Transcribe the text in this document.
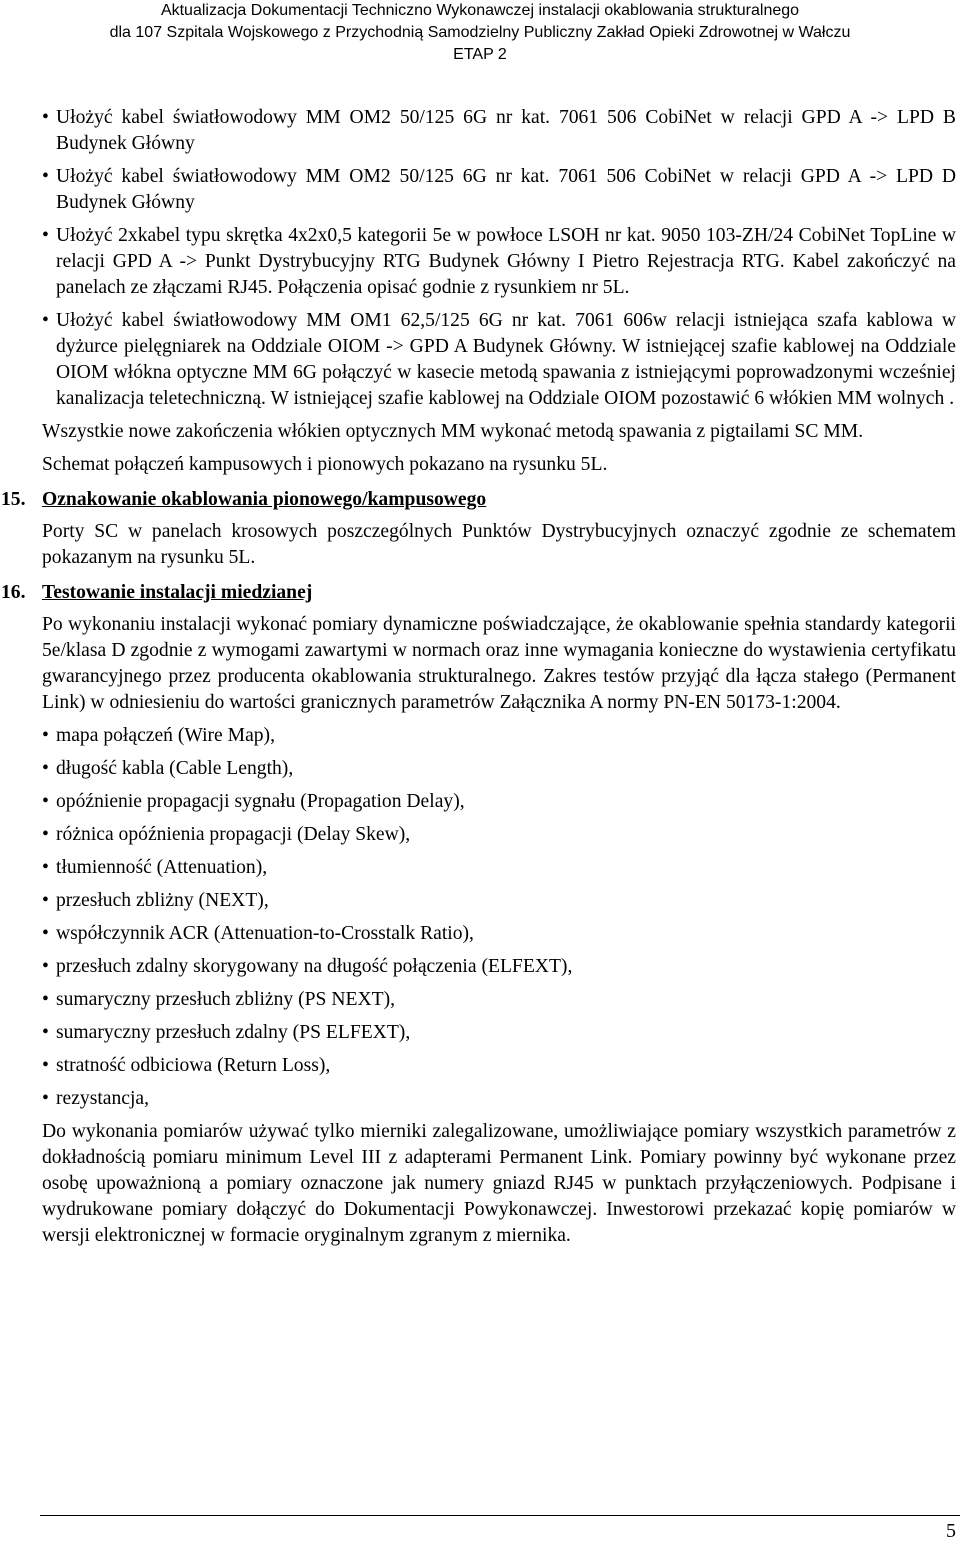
Aktualizacja Dokumentacji Techniczno Wykonawczej instalacji okablowania strukturalnego
dla 107 Szpitala Wojskowego z Przychodnią Samodzielny Publiczny Zakład Opieki Zdrowotnej w Wałczu
ETAP 2
• Ułożyć kabel światłowodowy MM OM2 50/125 6G nr kat. 7061 506 CobiNet w relacji GPD A -> LPD B Budynek Główny
• Ułożyć kabel światłowodowy MM OM2 50/125 6G nr kat. 7061 506 CobiNet w relacji GPD A -> LPD D Budynek Główny
• Ułożyć 2xkabel typu skrętka 4x2x0,5 kategorii 5e w powłoce LSOH nr kat. 9050 103-ZH/24 CobiNet TopLine w relacji GPD A -> Punkt Dystrybucyjny RTG Budynek Główny I Pietro Rejestracja RTG. Kabel zakończyć na panelach ze złączami RJ45. Połączenia opisać godnie z rysunkiem nr 5L.
• Ułożyć kabel światłowodowy MM OM1 62,5/125 6G nr kat. 7061 606w relacji istniejąca szafa kablowa w dyżurce pielęgniarek na Oddziale OIOM -> GPD A Budynek Główny. W istniejącej szafie kablowej na Oddziale OIOM włókna optyczne MM 6G połączyć w kasecie metodą spawania z istniejącymi poprowadzonymi wcześniej kanalizacja teletechniczną. W istniejącej szafie kablowej na Oddziale OIOM pozostawić 6 włókien MM wolnych .
Wszystkie nowe zakończenia włókien optycznych MM wykonać metodą spawania z pigtailami SC MM.
Schemat połączeń kampusowych i pionowych pokazano na rysunku 5L.
15. Oznakowanie okablowania pionowego/kampusowego
Porty SC w panelach krosowych poszczególnych Punktów Dystrybucyjnych oznaczyć zgodnie ze schematem pokazanym na rysunku 5L.
16. Testowanie instalacji miedzianej
Po wykonaniu instalacji wykonać pomiary dynamiczne poświadczające, że okablowanie spełnia standardy kategorii 5e/klasa D zgodnie z wymogami zawartymi w normach oraz inne wymagania konieczne do wystawienia certyfikatu gwarancyjnego przez producenta okablowania strukturalnego. Zakres testów przyjąć dla łącza stałego (Permanent Link) w odniesieniu do wartości granicznych parametrów Załącznika A normy PN-EN 50173-1:2004.
• mapa połączeń (Wire Map),
• długość kabla (Cable Length),
• opóźnienie propagacji sygnału (Propagation Delay),
• różnica opóźnienia propagacji (Delay Skew),
• tłumienność (Attenuation),
• przesłuch zbliżny (NEXT),
• współczynnik ACR (Attenuation-to-Crosstalk Ratio),
• przesłuch zdalny skorygowany na długość połączenia (ELFEXT),
• sumaryczny przesłuch zbliżny (PS NEXT),
• sumaryczny przesłuch zdalny (PS ELFEXT),
• stratność odbiciowa (Return Loss),
• rezystancja,
Do wykonania pomiarów używać tylko mierniki zalegalizowane, umożliwiające pomiary wszystkich parametrów z dokładnością pomiaru minimum Level III z adapterami Permanent Link. Pomiary powinny być wykonane przez osobę upoważnioną a pomiary oznaczone jak numery gniazd RJ45 w punktach przyłączeniowych. Podpisane i wydrukowane pomiary dołączyć do Dokumentacji Powykonawczej. Inwestorowi przekazać kopię pomiarów w wersji elektronicznej w formacie oryginalnym zgranym z miernika.
5
